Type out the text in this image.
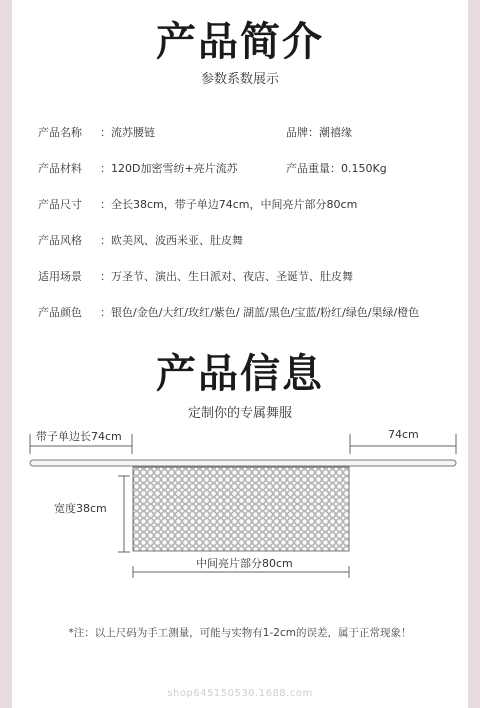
产品简介
参数系数展示
产品名称 ：流苏腰链	品牌：潮禧缘
产品材料 ：120D加密雪纺+亮片流苏	产品重量：0.150Kg
产品尺寸 ：全长38cm，带子单边74cm，中间亮片部分80cm
产品风格 ：欧美风、波西米亚、肚皮舞
适用场景 ：万圣节、演出、生日派对、夜店、圣诞节、肚皮舞
产品颜色 ：银色/金色/大红/玫红/紫色/ 湖蓝/黑色/宝蓝/粉红/绿色/果绿/橙色
产品信息
定制你的专属舞服
带子单边长74cm	74cm
宽度38cm
中间亮片部分80cm
*注：以上尺码为手工测量，可能与实物有1-2cm的误差，属于正常现象！
shop645150530.1688.com
